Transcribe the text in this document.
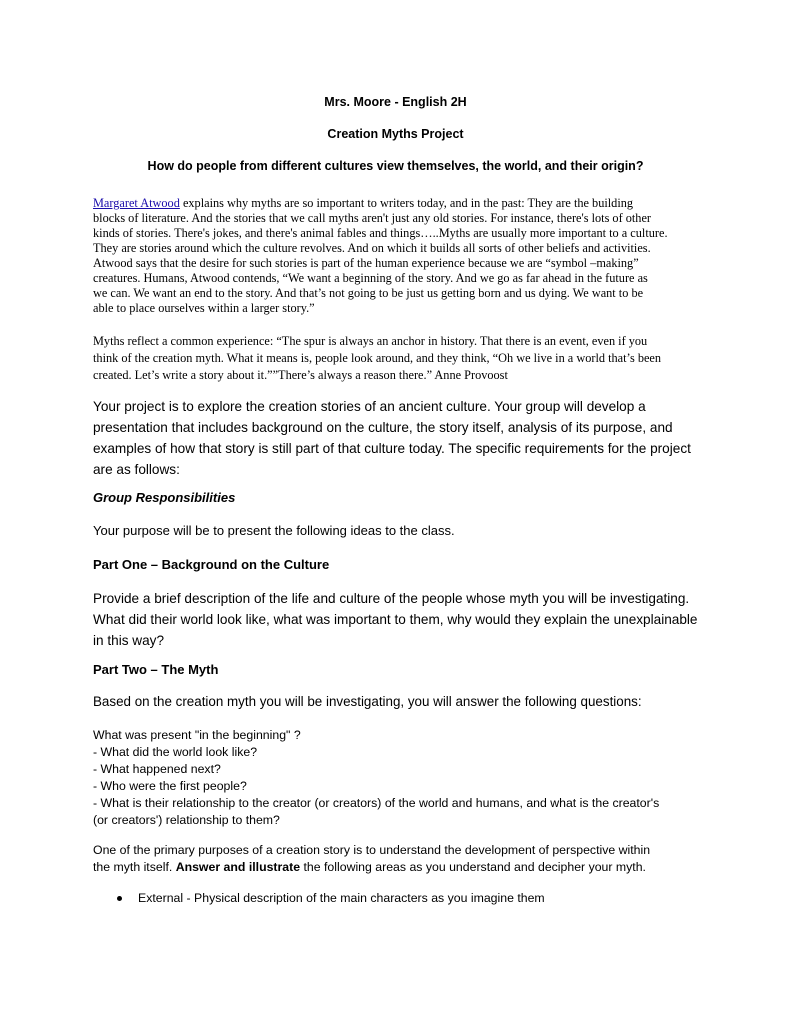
Mrs. Moore - English 2H

Creation Myths Project

How do people from different cultures view themselves, the world, and their origin?

Margaret Atwood explains why myths are so important to writers today, and in the past: They are the building
blocks of literature. And the stories that we call myths aren't just any old stories. For instance, there's lots of other
kinds of stories. There's jokes, and there's animal fables and things…..Myths are usually more important to a culture.
They are stories around which the culture revolves. And on which it builds all sorts of other beliefs and activities.
Atwood says that the desire for such stories is part of the human experience because we are “symbol –making”
creatures. Humans, Atwood contends, “We want a beginning of the story. And we go as far ahead in the future as
we can. We want an end to the story. And that’s not going to be just us getting born and us dying. We want to be
able to place ourselves within a larger story.”
Myths reflect a common experience: “The spur is always an anchor in history. That there is an event, even if you
think of the creation myth. What it means is, people look around, and they think, “Oh we live in a world that’s been
created. Let’s write a story about it.””There’s always a reason there.” Anne Provoost
Your project is to explore the creation stories of an ancient culture. Your group will develop a
presentation that includes background on the culture, the story itself, analysis of its purpose, and
examples of how that story is still part of that culture today. The specific requirements for the project
are as follows:

Group Responsibilities

Your purpose will be to present the following ideas to the class.

Part One – Background on the Culture

Provide a brief description of the life and culture of the people whose myth you will be investigating.
What did their world look like, what was important to them, why would they explain the unexplainable
in this way?

Part Two – The Myth

Based on the creation myth you will be investigating, you will answer the following questions:

What was present "in the beginning" ?
- What did the world look like?
- What happened next?
- Who were the first people?
- What is their relationship to the creator (or creators) of the world and humans, and what is the creator's
(or creators') relationship to them?
One of the primary purposes of a creation story is to understand the development of perspective within
the myth itself. Answer and illustrate the following areas as you understand and decipher your myth.
External - Physical description of the main characters as you imagine them
